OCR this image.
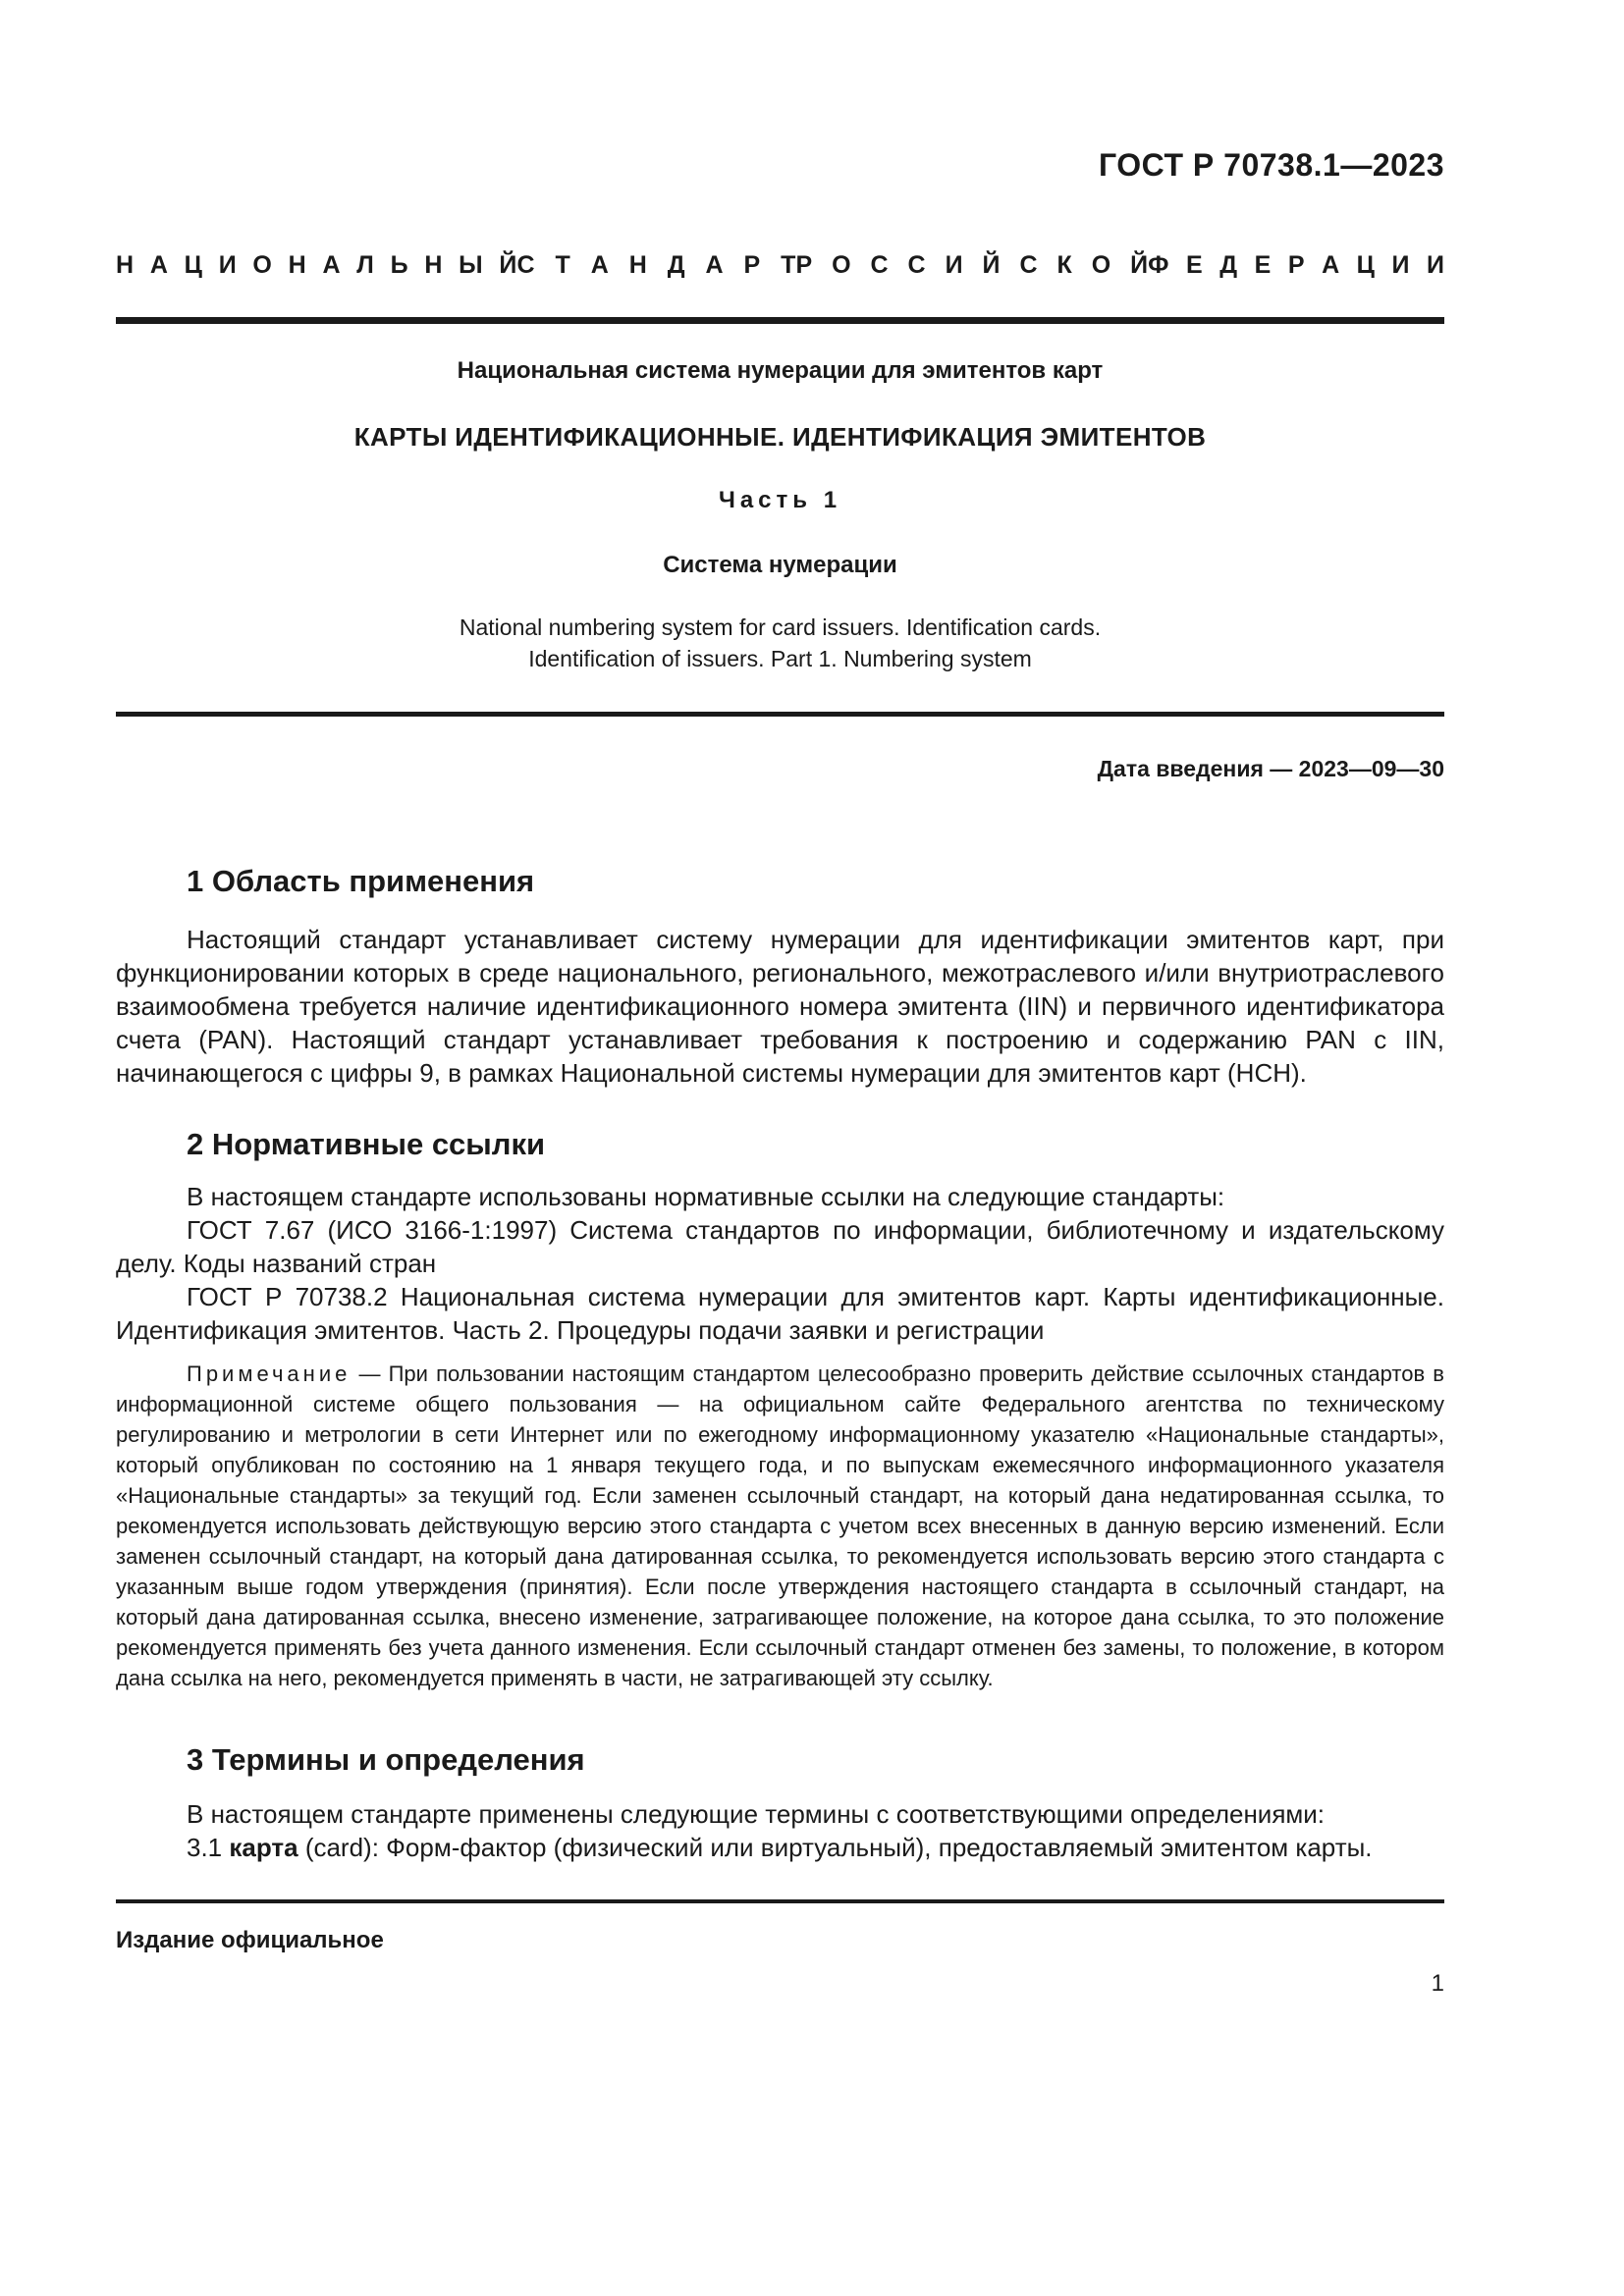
ГОСТ Р 70738.1—2023
Н А Ц И О Н А Л Ь Н Ы Й С Т А Н Д А Р Т Р О С С И Й С К О Й Ф Е Д Е Р А Ц И И
Национальная система нумерации для эмитентов карт
КАРТЫ ИДЕНТИФИКАЦИОННЫЕ. ИДЕНТИФИКАЦИЯ ЭМИТЕНТОВ
Часть 1
Система нумерации
National numbering system for card issuers. Identification cards.
Identification of issuers. Part 1. Numbering system
Дата введения — 2023—09—30
1 Область применения

Настоящий стандарт устанавливает систему нумерации для идентификации эмитентов карт, при функционировании которых в среде национального, регионального, межотраслевого и/или внутриотраслевого взаимообмена требуется наличие идентификационного номера эмитента (IIN) и первичного идентификатора счета (PAN). Настоящий стандарт устанавливает требования к построению и содержанию PAN с IIN, начинающегося с цифры 9, в рамках Национальной системы нумерации для эмитентов карт (НСН).

2 Нормативные ссылки

В настоящем стандарте использованы нормативные ссылки на следующие стандарты:

ГОСТ 7.67 (ИСО 3166-1:1997) Система стандартов по информации, библиотечному и издательскому делу. Коды названий стран

ГОСТ Р 70738.2 Национальная система нумерации для эмитентов карт. Карты идентификационные. Идентификация эмитентов. Часть 2. Процедуры подачи заявки и регистрации

Примечание — При пользовании настоящим стандартом целесообразно проверить действие ссылочных стандартов в информационной системе общего пользования — на официальном сайте Федерального агентства по техническому регулированию и метрологии в сети Интернет или по ежегодному информационному указателю «Национальные стандарты», который опубликован по состоянию на 1 января текущего года, и по выпускам ежемесячного информационного указателя «Национальные стандарты» за текущий год. Если заменен ссылочный стандарт, на который дана недатированная ссылка, то рекомендуется использовать действующую версию этого стандарта с учетом всех внесенных в данную версию изменений. Если заменен ссылочный стандарт, на который дана датированная ссылка, то рекомендуется использовать версию этого стандарта с указанным выше годом утверждения (принятия). Если после утверждения настоящего стандарта в ссылочный стандарт, на который дана датированная ссылка, внесено изменение, затрагивающее положение, на которое дана ссылка, то это положение рекомендуется применять без учета данного изменения. Если ссылочный стандарт отменен без замены, то положение, в котором дана ссылка на него, рекомендуется применять в части, не затрагивающей эту ссылку.

3 Термины и определения

В настоящем стандарте применены следующие термины с соответствующими определениями:

3.1 карта (card): Форм-фактор (физический или виртуальный), предоставляемый эмитентом карты.

Издание официальное
1
